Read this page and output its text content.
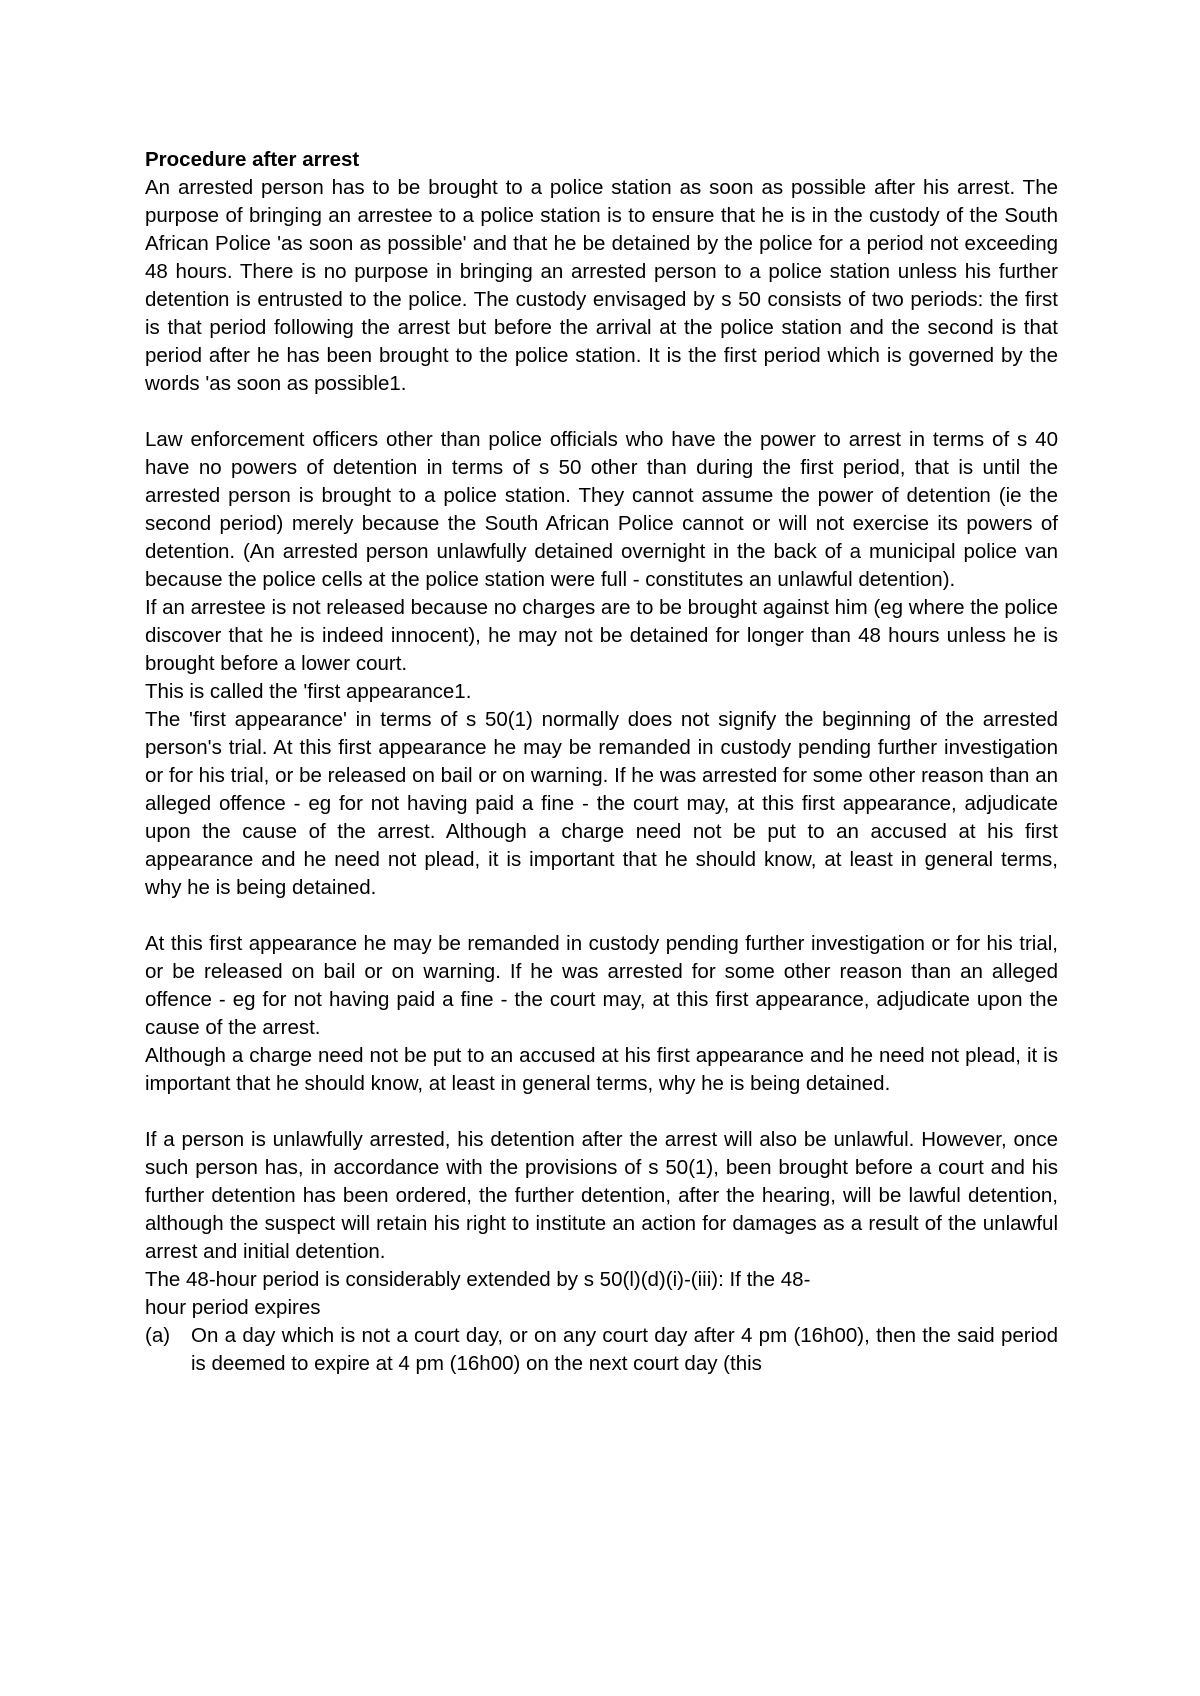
Procedure after arrest

An arrested person has to be brought to a police station as soon as possible after his arrest. The purpose of bringing an arrestee to a police station is to ensure that he is in the custody of the South African Police 'as soon as possible' and that he be detained by the police for a period not exceeding 48 hours. There is no purpose in bringing an arrested person to a police station unless his further detention is entrusted to the police. The custody envisaged by s 50 consists of two periods: the first is that period following the arrest but before the arrival at the police station and the second is that period after he has been brought to the police station. It is the first period which is governed by the words 'as soon as possible1.

Law enforcement officers other than police officials who have the power to arrest in terms of s 40 have no powers of detention in terms of s 50 other than during the first period, that is until the arrested person is brought to a police station. They cannot assume the power of detention (ie the second period) merely because the South African Police cannot or will not exercise its powers of detention. (An arrested person unlawfully detained overnight in the back of a municipal police van because the police cells at the police station were full - constitutes an unlawful detention).

If an arrestee is not released because no charges are to be brought against him (eg where the police discover that he is indeed innocent), he may not be detained for longer than 48 hours unless he is brought before a lower court.

This is called the 'first appearance1.

The 'first appearance' in terms of s 50(1) normally does not signify the beginning of the arrested person's trial. At this first appearance he may be remanded in custody pending further investigation or for his trial, or be released on bail or on warning. If he was arrested for some other reason than an alleged offence - eg for not having paid a fine - the court may, at this first appearance, adjudicate upon the cause of the arrest. Although a charge need not be put to an accused at his first appearance and he need not plead, it is important that he should know, at least in general terms, why he is being detained.

At this first appearance he may be remanded in custody pending further investigation or for his trial, or be released on bail or on warning. If he was arrested for some other reason than an alleged offence - eg for not having paid a fine - the court may, at this first appearance, adjudicate upon the cause of the arrest.

Although a charge need not be put to an accused at his first appearance and he need not plead, it is important that he should know, at least in general terms, why he is being detained.

If a person is unlawfully arrested, his detention after the arrest will also be unlawful. However, once such person has, in accordance with the provisions of s 50(1), been brought before a court and his further detention has been ordered, the further detention, after the hearing, will be lawful detention, although the suspect will retain his right to institute an action for damages as a result of the unlawful arrest and initial detention.

The 48-hour period is considerably extended by s 50(l)(d)(i)-(iii): If the 48-

hour period expires

(a)	On a day which is not a court day, or on any court day after 4 pm (16h00), then the said period is deemed to expire at 4 pm (16h00) on the next court day (this
